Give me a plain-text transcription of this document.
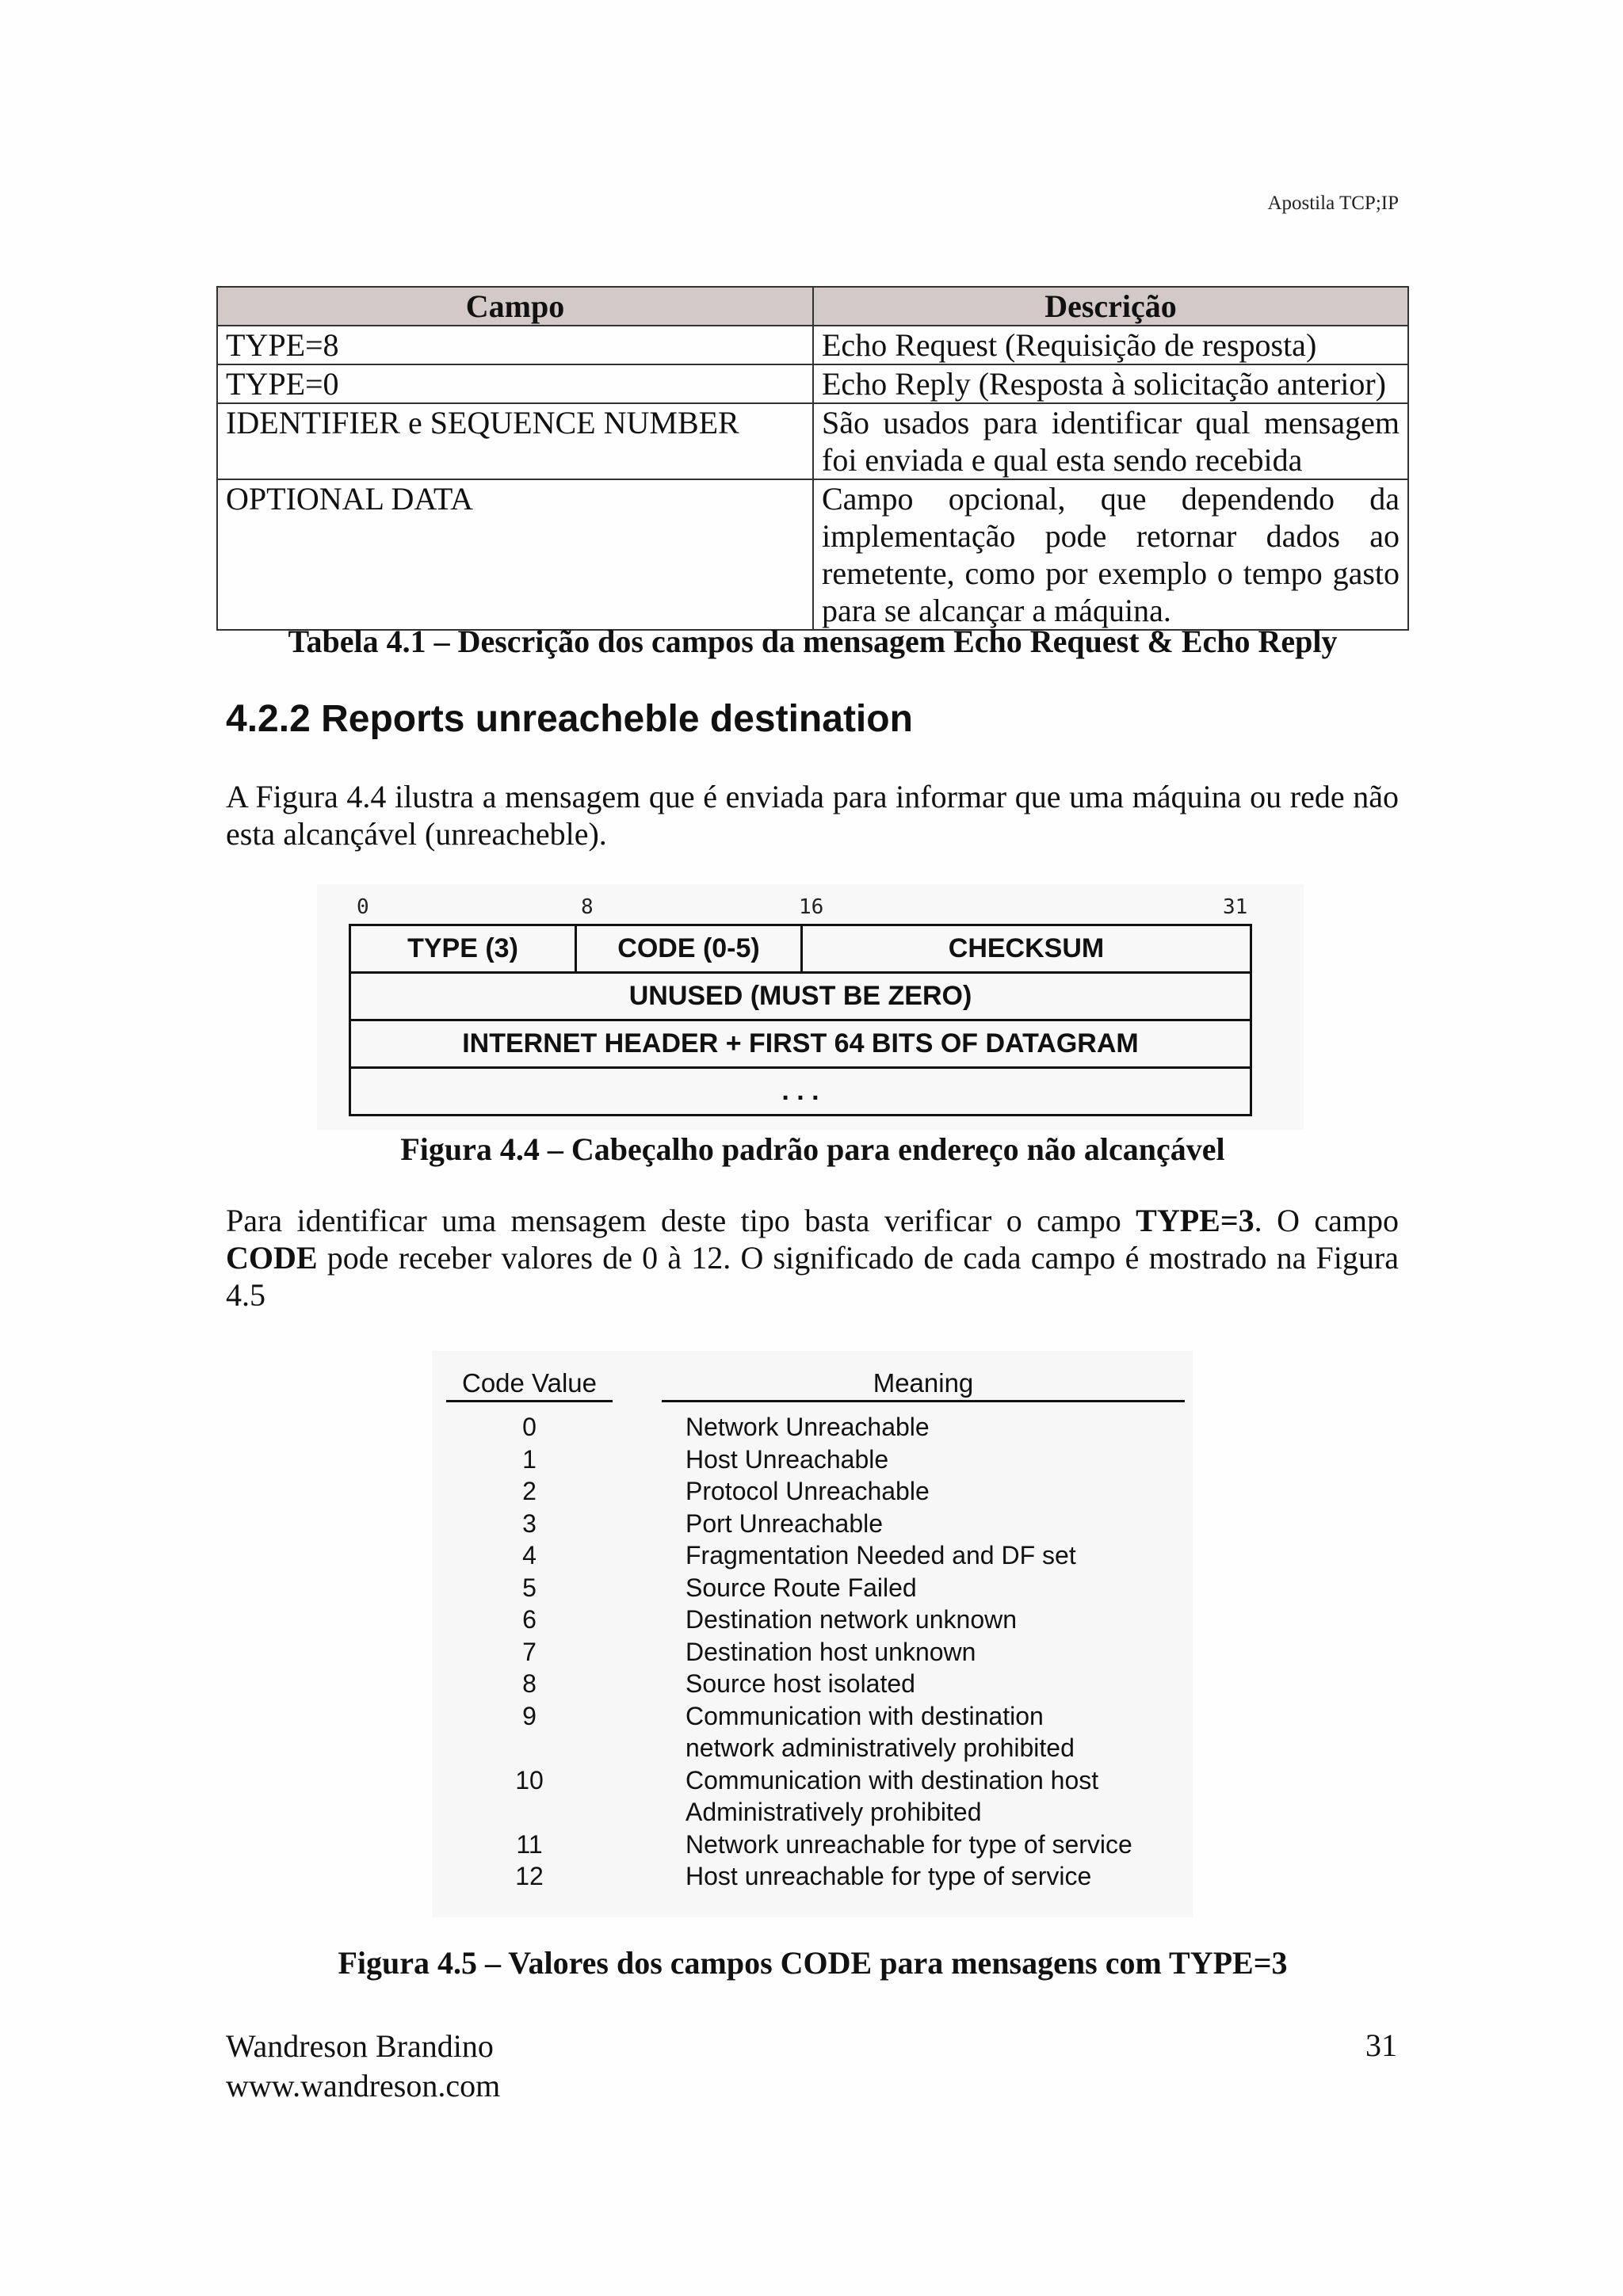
Apostila TCP;IP
Campo	Descrição
TYPE=8	Echo Request (Requisição de resposta)
TYPE=0	Echo Reply (Resposta à solicitação anterior)
IDENTIFIER e SEQUENCE NUMBER	São usados para identificar qual mensagem foi enviada e qual esta sendo recebida
OPTIONAL DATA	Campo opcional, que dependendo da implementação pode retornar dados ao remetente, como por exemplo o tempo gasto para se alcançar a máquina.
Tabela 4.1 – Descrição dos campos da mensagem Echo Request & Echo Reply
4.2.2 Reports unreacheble destination
A Figura 4.4 ilustra a mensagem que é enviada para informar que uma máquina ou rede não esta alcançável (unreacheble).
0	8	16	31
TYPE (3)	CODE (0-5)	CHECKSUM
UNUSED (MUST BE ZERO)
INTERNET HEADER + FIRST 64 BITS OF DATAGRAM
. . .
Figura 4.4 – Cabeçalho padrão para endereço não alcançável
Para identificar uma mensagem deste tipo basta verificar o campo TYPE=3. O campo CODE pode receber valores de 0 à 12. O significado de cada campo é mostrado na Figura 4.5
Code Value	Meaning
0	Network Unreachable
1	Host Unreachable
2	Protocol Unreachable
3	Port Unreachable
4	Fragmentation Needed and DF set
5	Source Route Failed
6	Destination network unknown
7	Destination host unknown
8	Source host isolated
9	Communication with destination
network administratively prohibited
10	Communication with destination host
Administratively prohibited
11	Network unreachable for type of service
12	Host unreachable for type of service
Figura 4.5 – Valores dos campos CODE para mensagens com TYPE=3
Wandreson Brandino
www.wandreson.com
31
